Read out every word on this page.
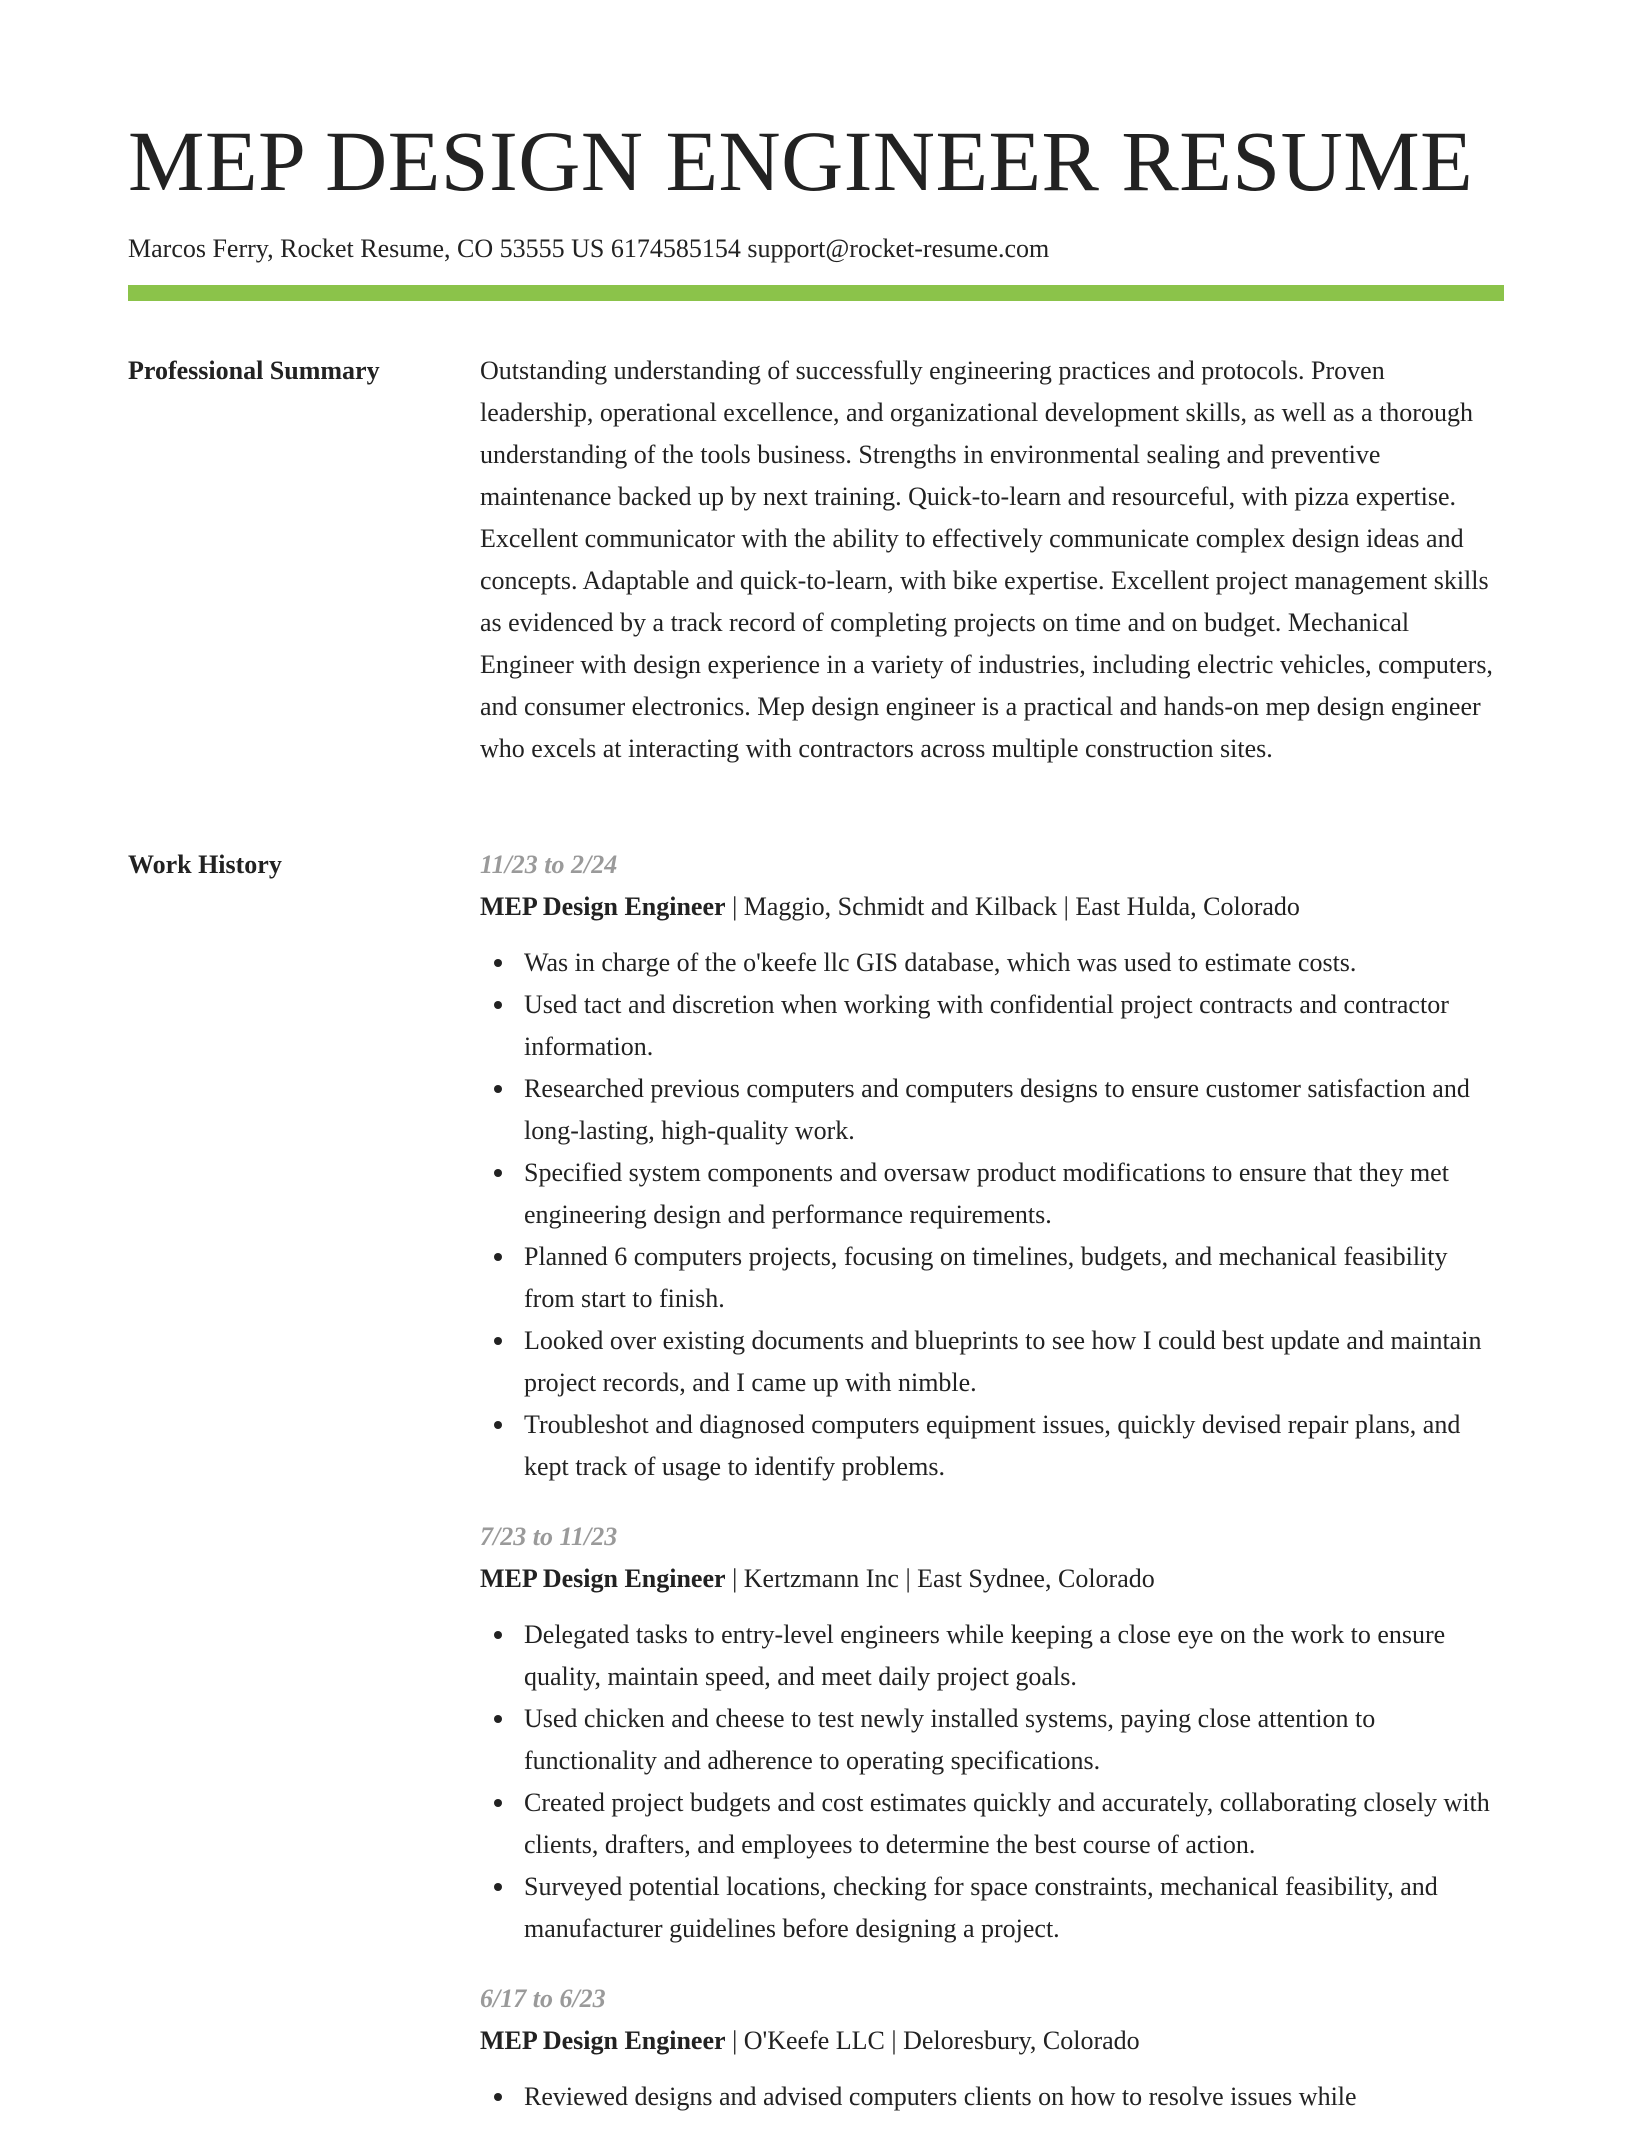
MEP DESIGN ENGINEER RESUME
Marcos Ferry, Rocket Resume, CO 53555 US 6174585154 support@rocket-resume.com
Professional Summary	Outstanding understanding of successfully engineering practices and protocols. Proven leadership, operational excellence, and organizational development skills, as well as a thorough understanding of the tools business. Strengths in environmental sealing and preventive maintenance backed up by next training. Quick-to-learn and resourceful, with pizza expertise. Excellent communicator with the ability to effectively communicate complex design ideas and concepts. Adaptable and quick-to-learn, with bike expertise. Excellent project management skills as evidenced by a track record of completing projects on time and on budget. Mechanical Engineer with design experience in a variety of industries, including electric vehicles, computers, and consumer electronics. Mep design engineer is a practical and hands-on mep design engineer who excels at interacting with contractors across multiple construction sites.

Work History	11/23 to 2/24
MEP Design Engineer | Maggio, Schmidt and Kilback | East Hulda, Colorado
Was in charge of the o'keefe llc GIS database, which was used to estimate costs.
Used tact and discretion when working with confidential project contracts and contractor information.
Researched previous computers and computers designs to ensure customer satisfaction and long-lasting, high-quality work.
Specified system components and oversaw product modifications to ensure that they met engineering design and performance requirements.
Planned 6 computers projects, focusing on timelines, budgets, and mechanical feasibility from start to finish.
Looked over existing documents and blueprints to see how I could best update and maintain project records, and I came up with nimble.
Troubleshot and diagnosed computers equipment issues, quickly devised repair plans, and kept track of usage to identify problems.
7/23 to 11/23
MEP Design Engineer | Kertzmann Inc | East Sydnee, Colorado
Delegated tasks to entry-level engineers while keeping a close eye on the work to ensure quality, maintain speed, and meet daily project goals.
Used chicken and cheese to test newly installed systems, paying close attention to functionality and adherence to operating specifications.
Created project budgets and cost estimates quickly and accurately, collaborating closely with clients, drafters, and employees to determine the best course of action.
Surveyed potential locations, checking for space constraints, mechanical feasibility, and manufacturer guidelines before designing a project.
6/17 to 6/23
MEP Design Engineer | O'Keefe LLC | Deloresbury, Colorado
Reviewed designs and advised computers clients on how to resolve issues while
